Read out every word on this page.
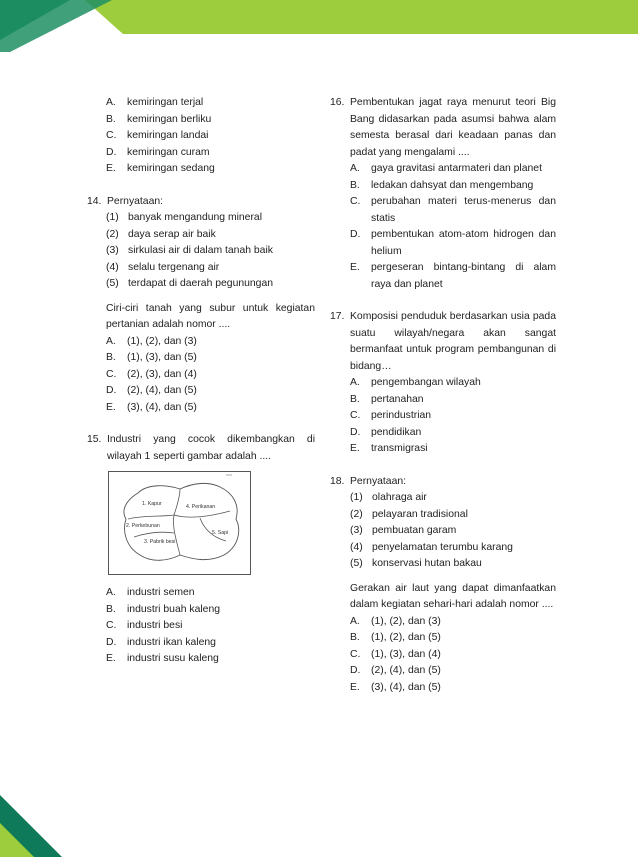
A.	kemiringan terjal
B.	kemiringan berliku
C.	kemiringan landai
D.	kemiringan curam
E.	kemiringan sedang
14. Pernyataan:
(1) banyak mengandung mineral
(2) daya serap air baik
(3) sirkulasi air di dalam tanah baik
(4) selalu tergenang air
(5) terdapat di daerah pegunungan
Ciri-ciri tanah yang subur untuk kegiatan pertanian adalah nomor ....
A.	(1), (2), dan (3)
B.	(1), (3), dan (5)
C.	(2), (3), dan (4)
D.	(2), (4), dan (5)
E.	(3), (4), dan (5)
15. Industri yang cocok dikembangkan di wilayah 1 seperti gambar adalah ....
1. Kapur
2. Perkebunan
3. Pabrik besi
4. Perikanan
5. Sapi
A.	industri semen
B.	industri buah kaleng
C.	industri besi
D.	industri ikan kaleng
E.	industri susu kaleng
16. Pembentukan jagat raya menurut teori Big Bang didasarkan pada asumsi bahwa alam semesta berasal dari keadaan panas dan padat yang mengalami ....
A.	gaya gravitasi antarmateri dan planet
B.	ledakan dahsyat dan mengembang
C.	perubahan materi terus-menerus dan statis
D.	pembentukan atom-atom hidrogen dan helium
E.	pergeseran bintang-bintang di alam raya dan planet
17. Komposisi penduduk berdasarkan usia pada suatu wilayah/negara akan sangat bermanfaat untuk program pembangunan di bidang…
A.	pengembangan wilayah
B.	pertanahan
C.	perindustrian
D.	pendidikan
E.	transmigrasi
18. Pernyataan:
(1) olahraga air
(2) pelayaran tradisional
(3) pembuatan garam
(4) penyelamatan terumbu karang
(5) konservasi hutan bakau
Gerakan air laut yang dapat dimanfaatkan dalam kegiatan sehari-hari adalah nomor ....
A.	(1), (2), dan (3)
B.	(1), (2), dan (5)
C.	(1), (3), dan (4)
D.	(2), (4), dan (5)
E.	(3), (4), dan (5)
